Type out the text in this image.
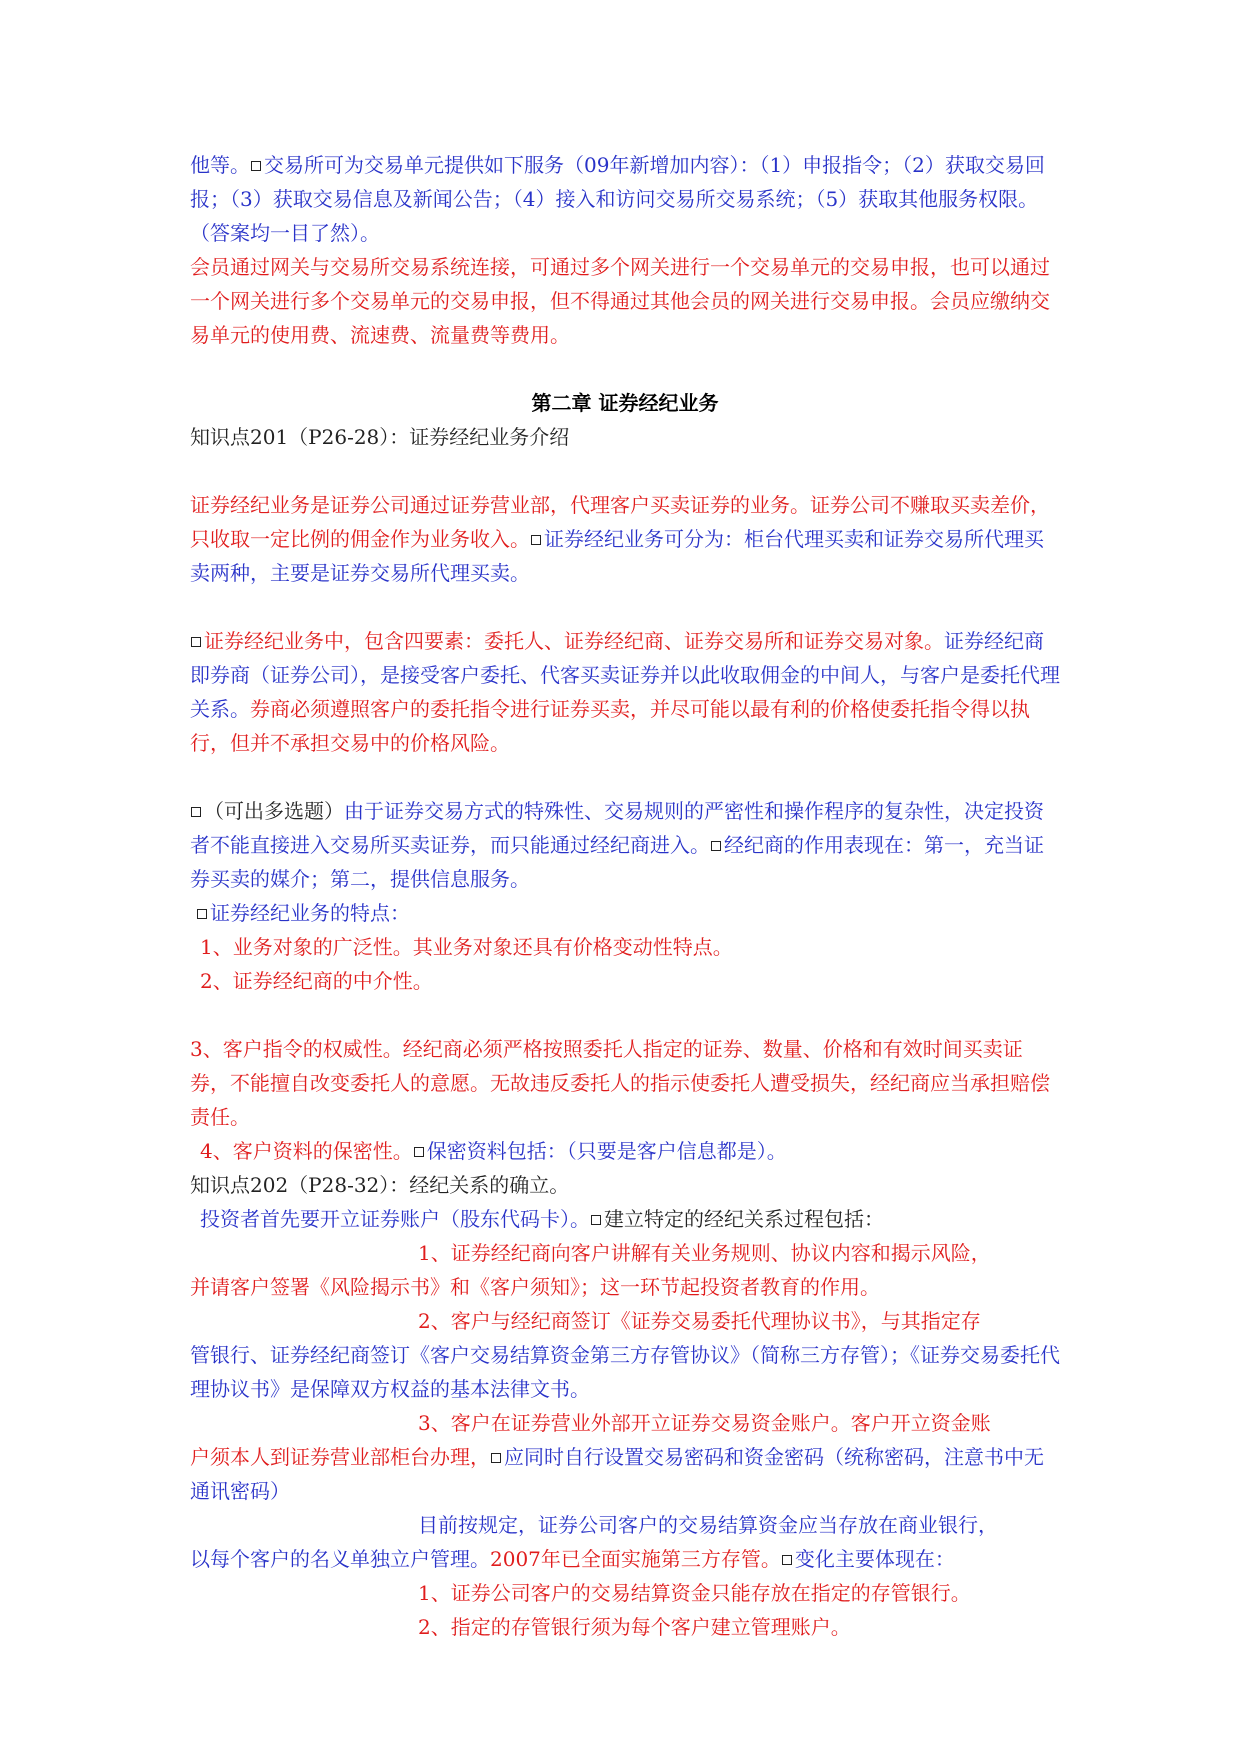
他等。 交易所可为交易单元提供如下服务（09年新增加内容）：（1）申报指令；（2）获取交易回报；（3）获取交易信息及新闻公告；（4）接入和访问交易所交易系统；（5）获取其他服务权限。（答案均一目了然）。

会员通过网关与交易所交易系统连接，可通过多个网关进行一个交易单元的交易申报，也可以通过一个网关进行多个交易单元的交易申报，但不得通过其他会员的网关进行交易申报。会员应缴纳交易单元的使用费、流速费、流量费等费用。

第二章 证券经纪业务

知识点201（P26-28）：证券经纪业务介绍

证券经纪业务是证券公司通过证券营业部，代理客户买卖证券的业务。证券公司不赚取买卖差价，只收取一定比例的佣金作为业务收入。 证券经纪业务可分为：柜台代理买卖和证券交易所代理买卖两种，主要是证券交易所代理买卖。

证券经纪业务中，包含四要素：委托人、证券经纪商、证券交易所和证券交易对象。证券经纪商即券商（证券公司），是接受客户委托、代客买卖证券并以此收取佣金的中间人，与客户是委托代理关系。券商必须遵照客户的委托指令进行证券买卖，并尽可能以最有利的价格使委托指令得以执行，但并不承担交易中的价格风险。

（可出多选题）由于证券交易方式的特殊性、交易规则的严密性和操作程序的复杂性，决定投资者不能直接进入交易所买卖证券，而只能通过经纪商进入。 经纪商的作用表现在：第一，充当证券买卖的媒介；第二，提供信息服务。

证券经纪业务的特点：

1、业务对象的广泛性。其业务对象还具有价格变动性特点。

2、证券经纪商的中介性。

3、客户指令的权威性。经纪商必须严格按照委托人指定的证券、数量、价格和有效时间买卖证券，不能擅自改变委托人的意愿。无故违反委托人的指示使委托人遭受损失，经纪商应当承担赔偿责任。

4、客户资料的保密性。 保密资料包括：（只要是客户信息都是）。

知识点202（P28-32）：经纪关系的确立。

投资者首先要开立证券账户（股东代码卡）。 建立特定的经纪关系过程包括：

1、证券经纪商向客户讲解有关业务规则、协议内容和揭示风险，

并请客户签署《风险揭示书》和《客户须知》；这一环节起投资者教育的作用。

2、客户与经纪商签订《证券交易委托代理协议书》，与其指定存

管银行、证券经纪商签订《客户交易结算资金第三方存管协议》（简称三方存管）；《证券交易委托代理协议书》是保障双方权益的基本法律文书。

3、客户在证券营业外部开立证券交易资金账户。客户开立资金账

户须本人到证券营业部柜台办理， 应同时自行设置交易密码和资金密码（统称密码，注意书中无通讯密码）

目前按规定，证券公司客户的交易结算资金应当存放在商业银行，

以每个客户的名义单独立户管理。2007年已全面实施第三方存管。 变化主要体现在：

1、证券公司客户的交易结算资金只能存放在指定的存管银行。

2、指定的存管银行须为每个客户建立管理账户。
